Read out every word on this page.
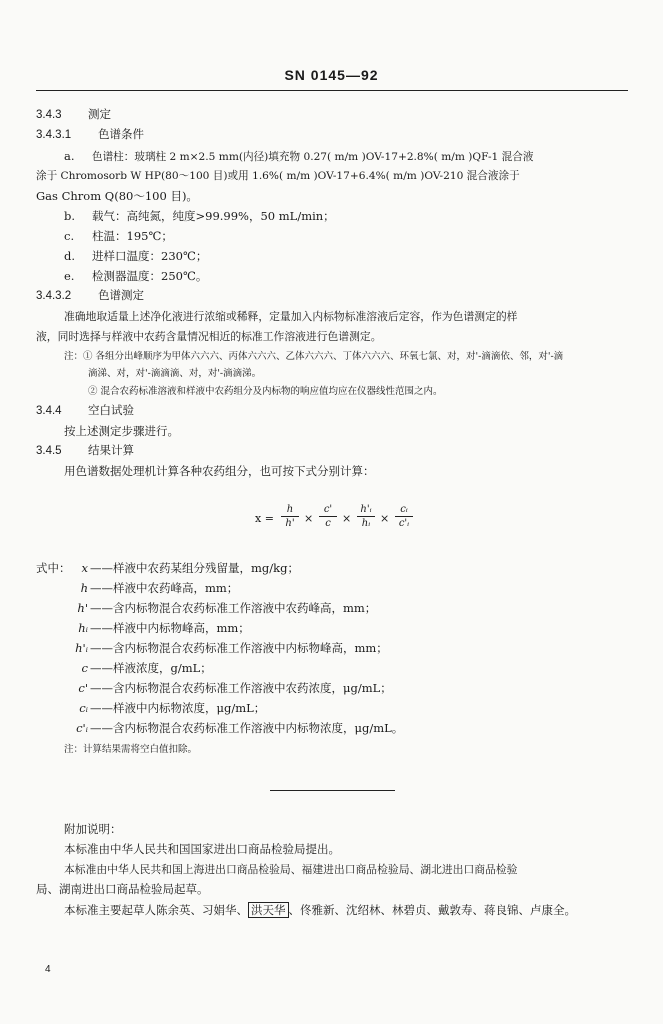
SN 0145—92
3.4.3 测定
3.4.3.1 色谱条件
a. 色谱柱：玻璃柱 2 m×2.5 mm(内径)填充物 0.27( m/m )OV-17+2.8%( m/m )QF-1 混合液
涂于 Chromosorb W HP(80～100 目)或用 1.6%( m/m )OV-17+6.4%( m/m )OV-210 混合液涂于
Gas Chrom Q(80～100 目)。
b. 载气：高纯氮，纯度>99.99%，50 mL/min；
c. 柱温：195℃；
d. 进样口温度：230℃；
e. 检测器温度：250℃。
3.4.3.2 色谱测定
准确地取适量上述净化液进行浓缩或稀释，定量加入内标物标准溶液后定容，作为色谱测定的样
液，同时选择与样液中农药含量情况相近的标准工作溶液进行色谱测定。
注：① 各组分出峰顺序为甲体六六六、丙体六六六、乙体六六六、丁体六六六、环氧七氯、对，对'-滴滴依、邻，对'-滴
滴涕、对，对'-滴滴滴、对，对'-滴滴涕。
② 混合农药标准溶液和样液中农药组分及内标物的响应值均应在仪器线性范围之内。
3.4.4 空白试验
按上述测定步骤进行。
3.4.5 结果计算
用色谱数据处理机计算各种农药组分，也可按下式分别计算：
$x = \frac{h}{h'} \times \frac{c'}{c} \times \frac{\text{h'ᵢ}}{\text{hᵢ}} \times \frac{\text{cᵢ}}{\text{c'ᵢ}}$
式中： x ——样液中农药某组分残留量，mg/kg；
h ——样液中农药峰高，mm；
h' ——含内标物混合农药标准工作溶液中农药峰高，mm；
hᵢ ——样液中内标物峰高，mm；
h'ᵢ ——含内标物混合农药标准工作溶液中内标物峰高，mm；
c ——样液浓度，g/mL；
c' ——含内标物混合农药标准工作溶液中农药浓度，μg/mL；
cᵢ ——样液中内标物浓度，μg/mL；
c'ᵢ ——含内标物混合农药标准工作溶液中内标物浓度，μg/mL。
注：计算结果需将空白值扣除。
附加说明：
本标准由中华人民共和国国家进出口商品检验局提出。
本标准由中华人民共和国上海进出口商品检验局、福建进出口商品检验局、湖北进出口商品检验
局、湖南进出口商品检验局起草。
本标准主要起草人陈余英、习娟华、 洪天华 、佟雅新、沈绍林、林碧贞、戴敦寿、蒋良锦、卢康全。
4
